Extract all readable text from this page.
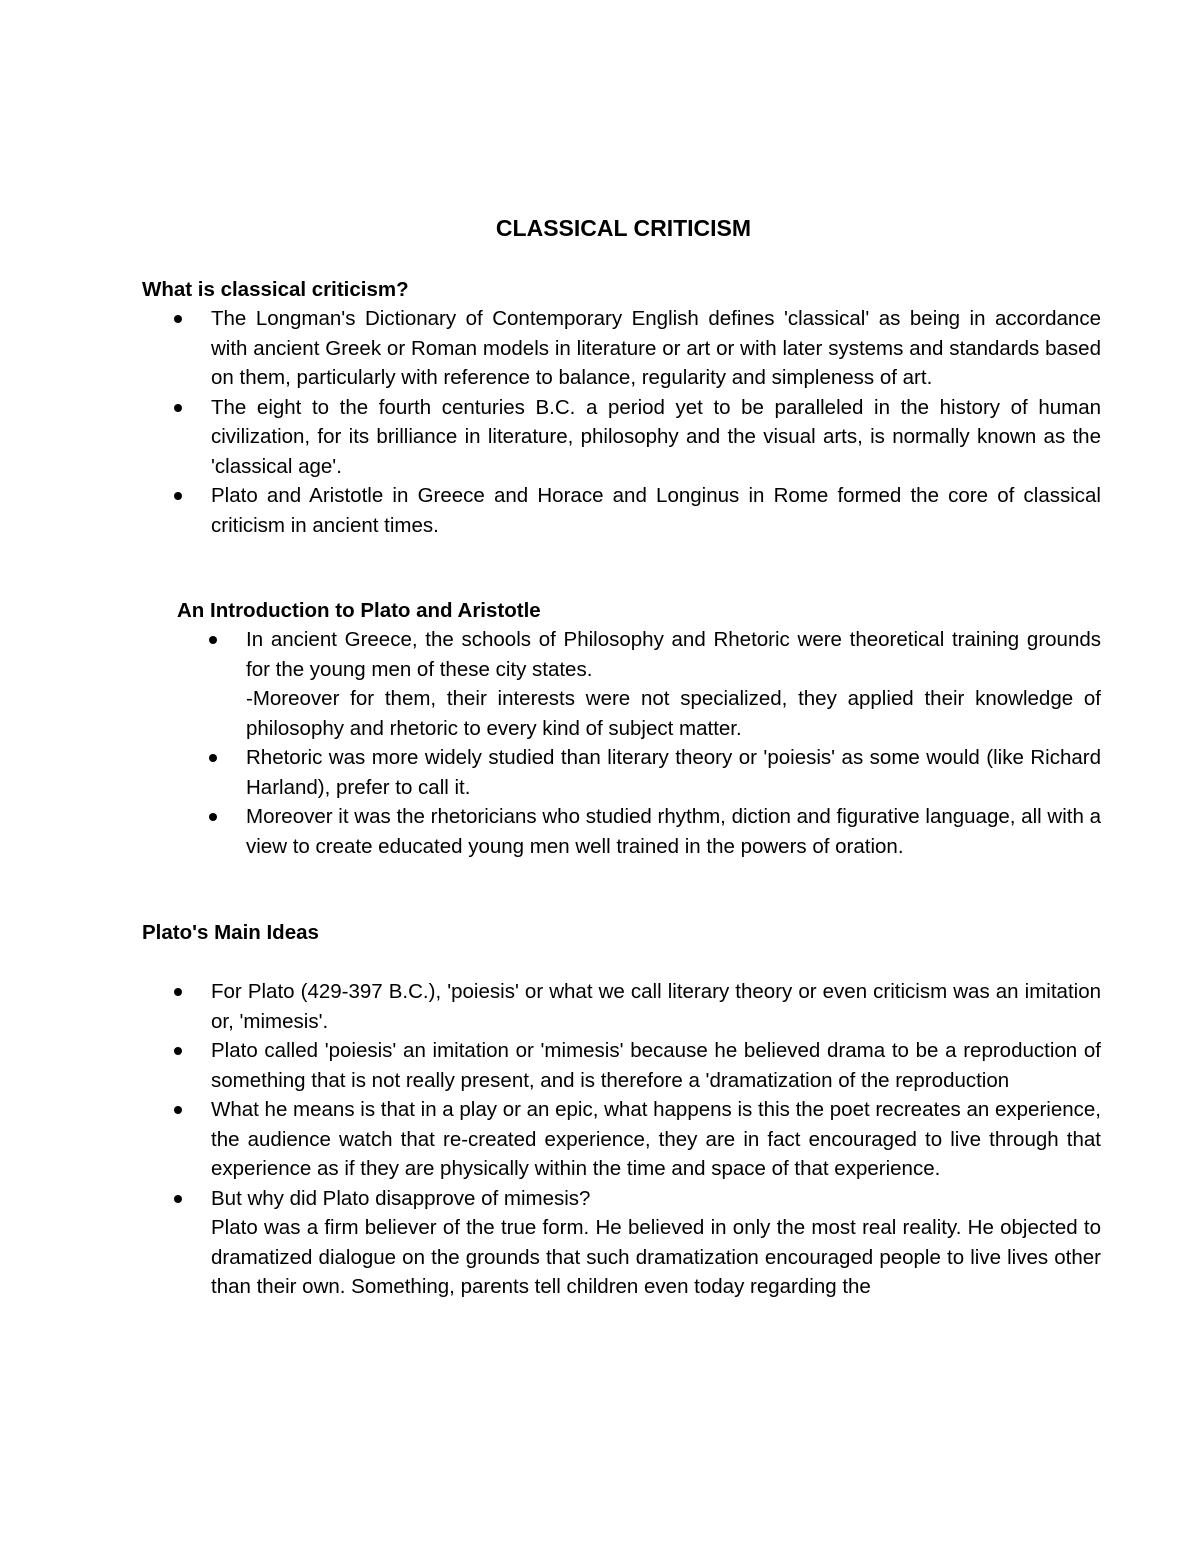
CLASSICAL CRITICISM
What is classical criticism?
The Longman's Dictionary of Contemporary English defines 'classical' as being in accordance with ancient Greek or Roman models in literature or art or with later systems and standards based on them, particularly with reference to balance, regularity and simpleness of art.
The eight to the fourth centuries B.C. a period yet to be paralleled in the history of human civilization, for its brilliance in literature, philosophy and the visual arts, is normally known as the 'classical age'.
Plato and Aristotle in Greece and Horace and Longinus in Rome formed the core of classical criticism in ancient times.
An Introduction to Plato and Aristotle
In ancient Greece, the schools of Philosophy and Rhetoric were theoretical training grounds for the young men of these city states.
-Moreover for them, their interests were not specialized, they applied their knowledge of philosophy and rhetoric to every kind of subject matter.
Rhetoric was more widely studied than literary theory or 'poiesis' as some would (like Richard Harland), prefer to call it.
Moreover it was the rhetoricians who studied rhythm, diction and figurative language, all with a view to create educated young men well trained in the powers of oration.
Plato's Main Ideas
For Plato (429-397 B.C.), 'poiesis' or what we call literary theory or even criticism was an imitation or, 'mimesis'.
Plato called 'poiesis' an imitation or 'mimesis' because he believed drama to be a reproduction of something that is not really present, and is therefore a 'dramatization of the reproduction
What he means is that in a play or an epic, what happens is this the poet recreates an experience, the audience watch that re-created experience, they are in fact encouraged to live through that experience as if they are physically within the time and space of that experience.
But why did Plato disapprove of mimesis?
Plato was a firm believer of the true form. He believed in only the most real reality. He objected to dramatized dialogue on the grounds that such dramatization encouraged people to live lives other than their own. Something, parents tell children even today regarding the
